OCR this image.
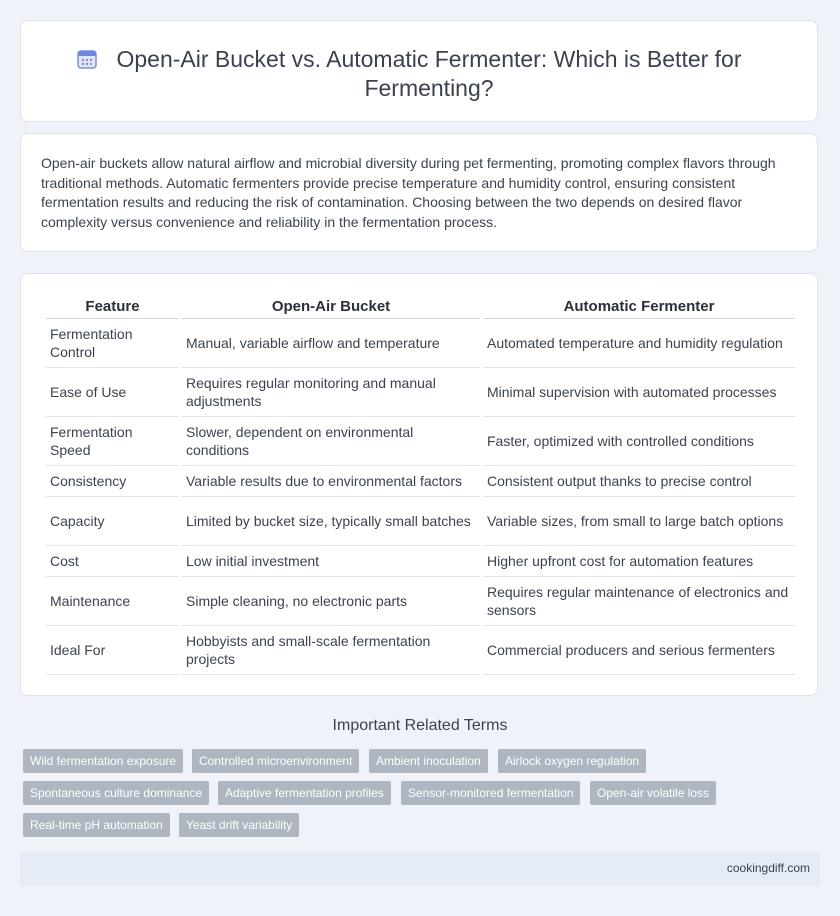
Open-Air Bucket vs. Automatic Fermenter: Which is Better for Fermenting?
Open-air buckets allow natural airflow and microbial diversity during pet fermenting, promoting complex flavors through traditional methods. Automatic fermenters provide precise temperature and humidity control, ensuring consistent fermentation results and reducing the risk of contamination. Choosing between the two depends on desired flavor complexity versus convenience and reliability in the fermentation process.
Feature	Open-Air Bucket	Automatic Fermenter
Fermentation Control	Manual, variable airflow and temperature	Automated temperature and humidity regulation
Ease of Use	Requires regular monitoring and manual adjustments	Minimal supervision with automated processes
Fermentation Speed	Slower, dependent on environmental conditions	Faster, optimized with controlled conditions
Consistency	Variable results due to environmental factors	Consistent output thanks to precise control
Capacity	Limited by bucket size, typically small batches	Variable sizes, from small to large batch options
Cost	Low initial investment	Higher upfront cost for automation features
Maintenance	Simple cleaning, no electronic parts	Requires regular maintenance of electronics and sensors
Ideal For	Hobbyists and small-scale fermentation projects	Commercial producers and serious fermenters
Important Related Terms
Wild fermentation exposure	Controlled microenvironment	Ambient inoculation	Airlock oxygen regulation
Spontaneous culture dominance	Adaptive fermentation profiles	Sensor-monitored fermentation	Open-air volatile loss
Real-time pH automation	Yeast drift variability
cookingdiff.com
